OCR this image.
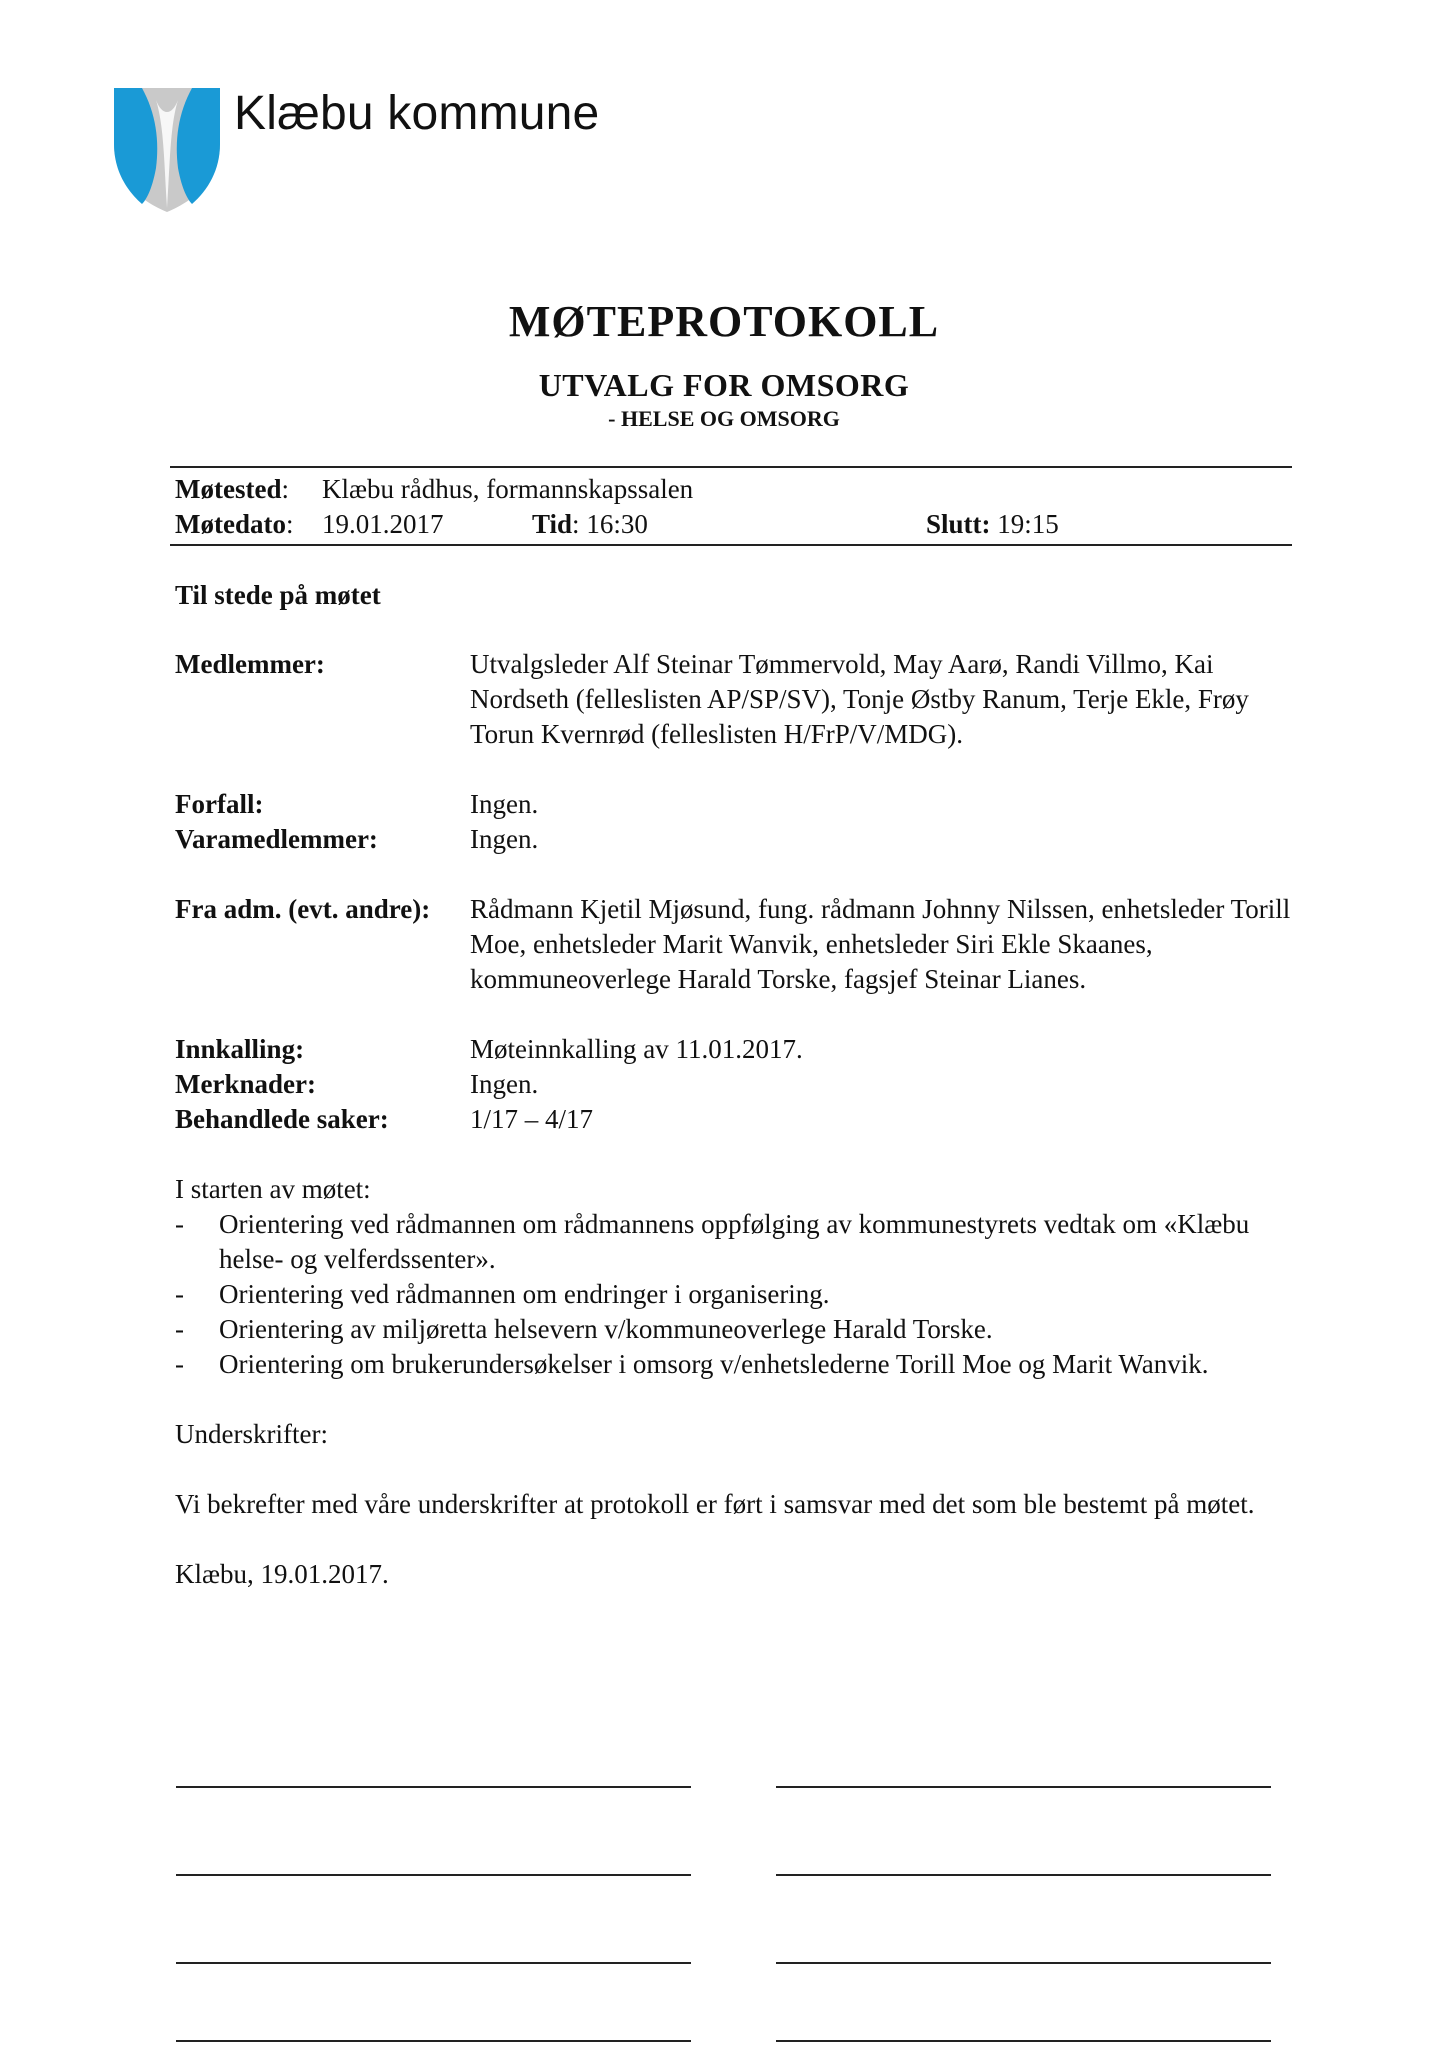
Klæbu kommune
MØTEPROTOKOLL
UTVALG FOR OMSORG
- HELSE OG OMSORG
Møtested: Klæbu rådhus, formannskapssalen
Møtedato: 19.01.2017	Tid: 16:30	Slutt: 19:15
Til stede på møtet
Medlemmer:	Utvalgsleder Alf Steinar Tømmervold, May Aarø, Randi Villmo, Kai Nordseth (felleslisten AP/SP/SV), Tonje Østby Ranum, Terje Ekle, Frøy Torun Kvernrød (felleslisten H/FrP/V/MDG).
Forfall:	Ingen.
Varamedlemmer:	Ingen.
Fra adm. (evt. andre):	Rådmann Kjetil Mjøsund, fung. rådmann Johnny Nilssen, enhetsleder Torill Moe, enhetsleder Marit Wanvik, enhetsleder Siri Ekle Skaanes, kommuneoverlege Harald Torske, fagsjef Steinar Lianes.
Innkalling:	Møteinnkalling av 11.01.2017.
Merknader:	Ingen.
Behandlede saker:	1/17 – 4/17
I starten av møtet:
-	Orientering ved rådmannen om rådmannens oppfølging av kommunestyrets vedtak om «Klæbu helse- og velferdssenter».
-	Orientering ved rådmannen om endringer i organisering.
-	Orientering av miljøretta helsevern v/kommuneoverlege Harald Torske.
-	Orientering om brukerundersøkelser i omsorg v/enhetslederne Torill Moe og Marit Wanvik.
Underskrifter:
Vi bekrefter med våre underskrifter at protokoll er ført i samsvar med det som ble bestemt på møtet.
Klæbu, 19.01.2017.
